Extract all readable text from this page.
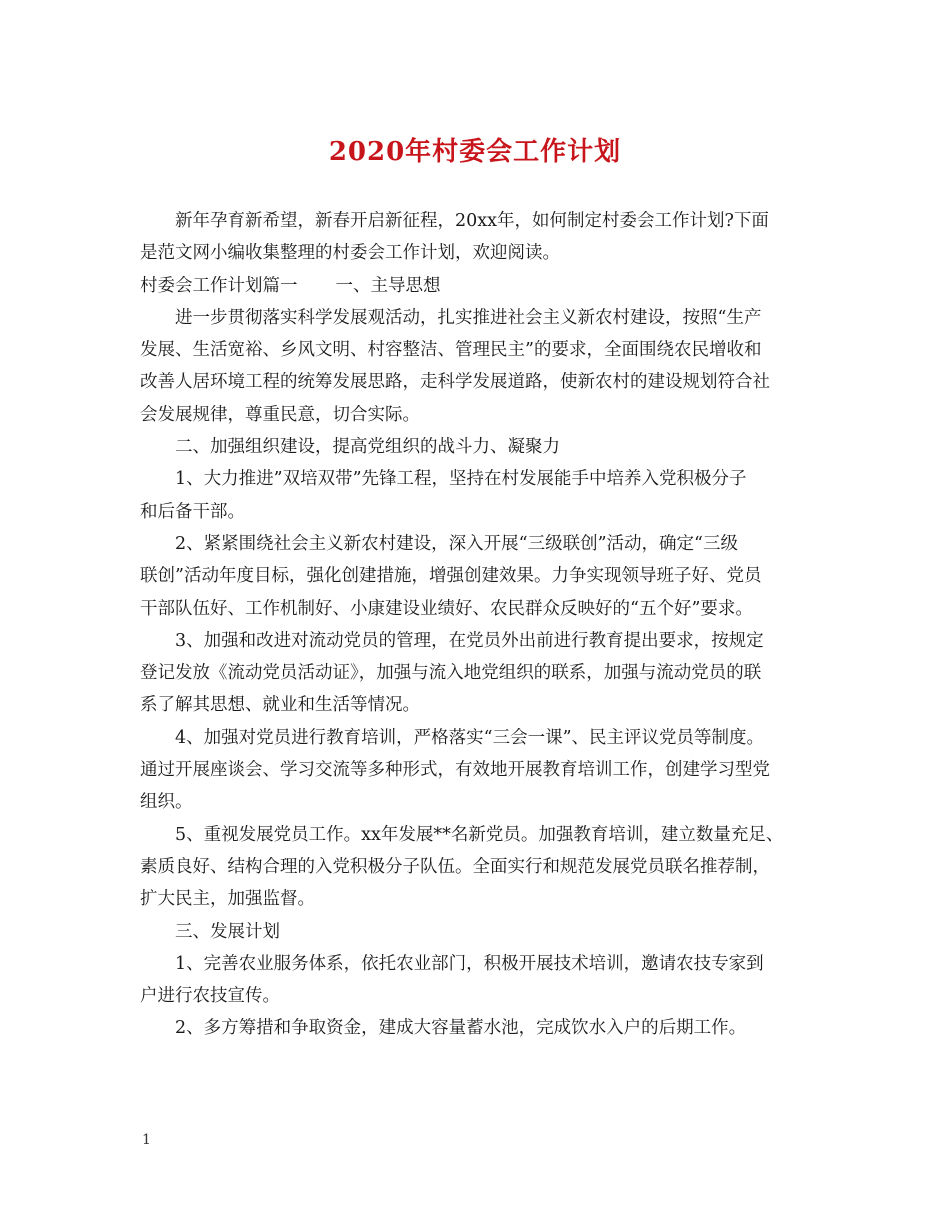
2020年村委会工作计划

新年孕育新希望，新春开启新征程，20xx年，如何制定村委会工作计划?下面

是范文网小编收集整理的村委会工作计划，欢迎阅读。

村委会工作计划篇一 一、主导思想

进一步贯彻落实科学发展观活动，扎实推进社会主义新农村建设，按照“生产

发展、生活宽裕、乡风文明、村容整洁、管理民主”的要求，全面围绕农民增收和

改善人居环境工程的统筹发展思路，走科学发展道路，使新农村的建设规划符合社

会发展规律，尊重民意，切合实际。

二、加强组织建设，提高党组织的战斗力、凝聚力

1、大力推进”双培双带”先锋工程，坚持在村发展能手中培养入党积极分子

和后备干部。

2、紧紧围绕社会主义新农村建设，深入开展“三级联创”活动，确定“三级

联创”活动年度目标，强化创建措施，增强创建效果。力争实现领导班子好、党员

干部队伍好、工作机制好、小康建设业绩好、农民群众反映好的“五个好”要求。

3、加强和改进对流动党员的管理，在党员外出前进行教育提出要求，按规定

登记发放《流动党员活动证》，加强与流入地党组织的联系，加强与流动党员的联

系了解其思想、就业和生活等情况。

4、加强对党员进行教育培训，严格落实“三会一课”、民主评议党员等制度。

通过开展座谈会、学习交流等多种形式，有效地开展教育培训工作，创建学习型党

组织。

5、重视发展党员工作。xx年发展**名新党员。加强教育培训，建立数量充足、

素质良好、结构合理的入党积极分子队伍。全面实行和规范发展党员联名推荐制，

扩大民主，加强监督。

三、发展计划

1、完善农业服务体系，依托农业部门，积极开展技术培训，邀请农技专家到

户进行农技宣传。

2、多方筹措和争取资金，建成大容量蓄水池，完成饮水入户的后期工作。

1
